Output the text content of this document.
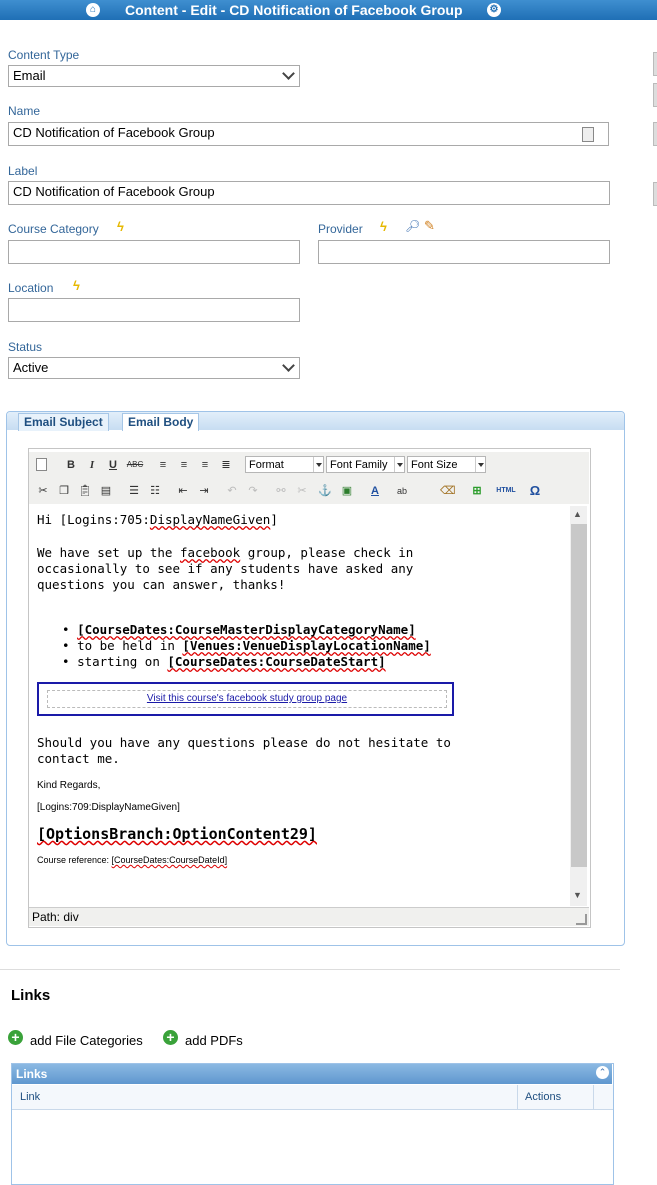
⌂ Content - Edit - CD Notification of Facebook Group	⚙
Content Type
Email
Name
CD Notification of Facebook Group
Label
CD Notification of Facebook Group
Course Category ϟ	Provider ϟ 🔎︎ ✎
Location ϟ
Status
Active
Email Subject	Email Body
B	I	U	ABC	≡	≡	≡	≣	Format	Font Family	Font Size
✂ ❐ 📋︎ ▤ ☰ ☷ ⇤ ⇥ ↶ ↷ ⚯ ✂ ⚓ ▣ A	ab	⌫ ⊞	HTML Ω
Hi [Logins:705:DisplayNameGiven]
We have set up the facebook group, please check in
occasionally to see if any students have asked any
questions you can answer, thanks!
• [CourseDates:CourseMasterDisplayCategoryName]
• to be held in [Venues:VenueDisplayLocationName]
• starting on [CourseDates:CourseDateStart]
Visit this course's facebook study group page
Should you have any questions please do not hesitate to
contact me.
Kind Regards,
[Logins:709:DisplayNameGiven]
[OptionsBranch:OptionContent29]
Course reference: [CourseDates:CourseDateId]
▲
▼
Path: div
Links
+ add File Categories + add PDFs
Links	⌃
Link	Actions
